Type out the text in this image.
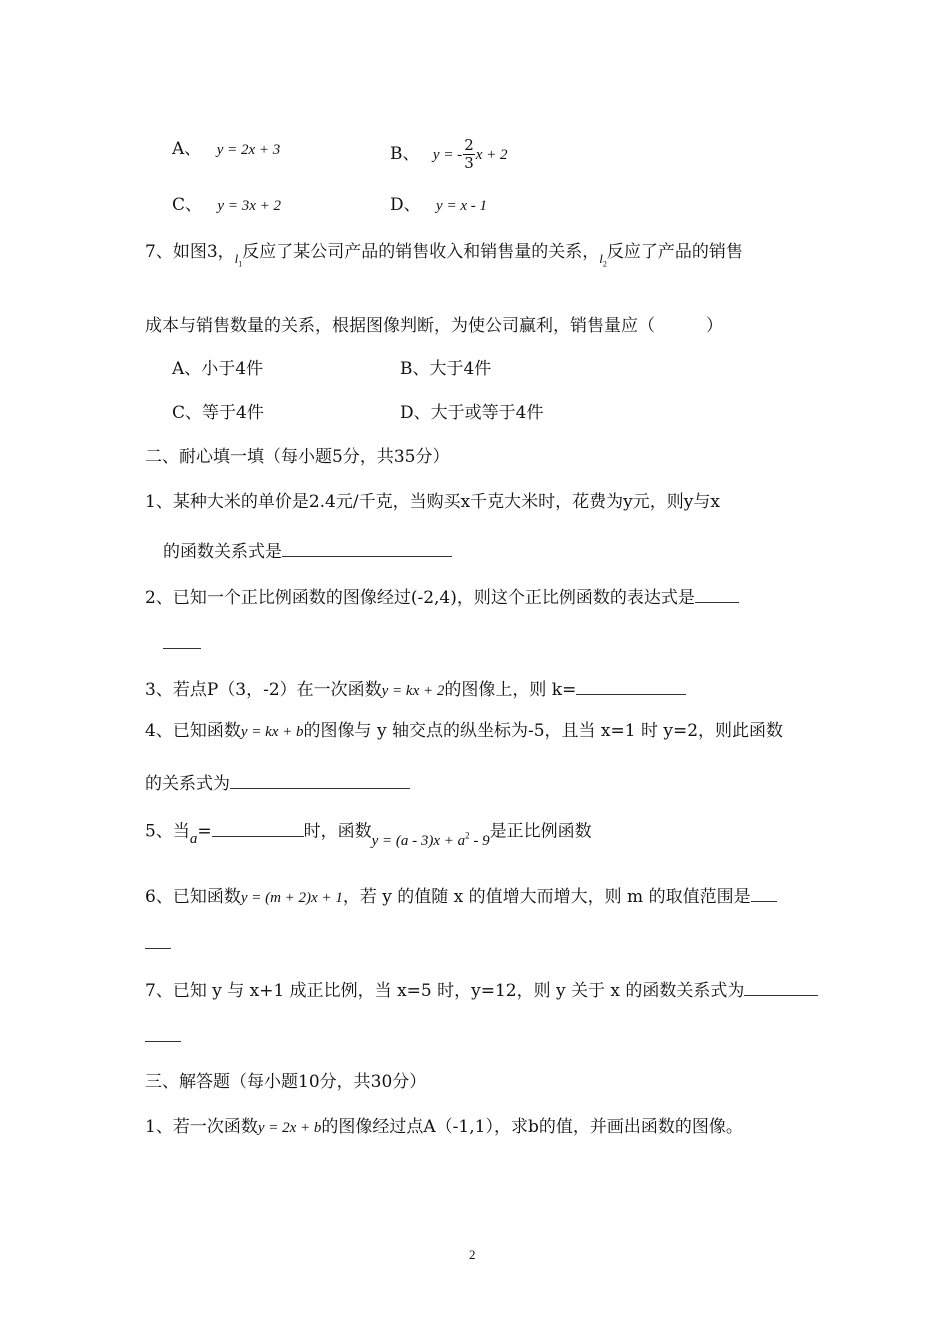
A、 y = 2x + 3	B、 y = - $\frac{2}{3}$ x + 2
C、 y = 3x + 2	D、 y = x - 1
7、如图3，$_{l_1}$反应了某公司产品的销售收入和销售量的关系，$_{l_2}$反应了产品的销售
成本与销售数量的关系，根据图像判断，为使公司赢利，销售量应（　　　）
A、小于4件	B、大于4件
C、等于4件	D、大于或等于4件
二、耐心填一填（每小题5分，共35分）
1、某种大米的单价是2.4元/千克，当购买x千克大米时，花费为y元，则y与x
的函数关系式是
2、已知一个正比例函数的图像经过(-2,4)，则这个正比例函数的表达式是
3、若点P（3，-2）在一次函数y = kx + 2的图像上，则 k=
4、已知函数y = kx + b的图像与 y 轴交点的纵坐标为-5，且当 x=1 时 y=2，则此函数
的关系式为
5、当a=	时，函数$y = (a - 3)x + a^2 - 9$是正比例函数
6、已知函数y = (m + 2)x + 1，若 y 的值随 x 的值增大而增大，则 m 的取值范围是
7、已知 y 与 x+1 成正比例，当 x=5 时，y=12，则 y 关于 x 的函数关系式为
三、解答题（每小题10分，共30分）
1、若一次函数y = 2x + b的图像经过点A（-1,1），求b的值，并画出函数的图像。
2
